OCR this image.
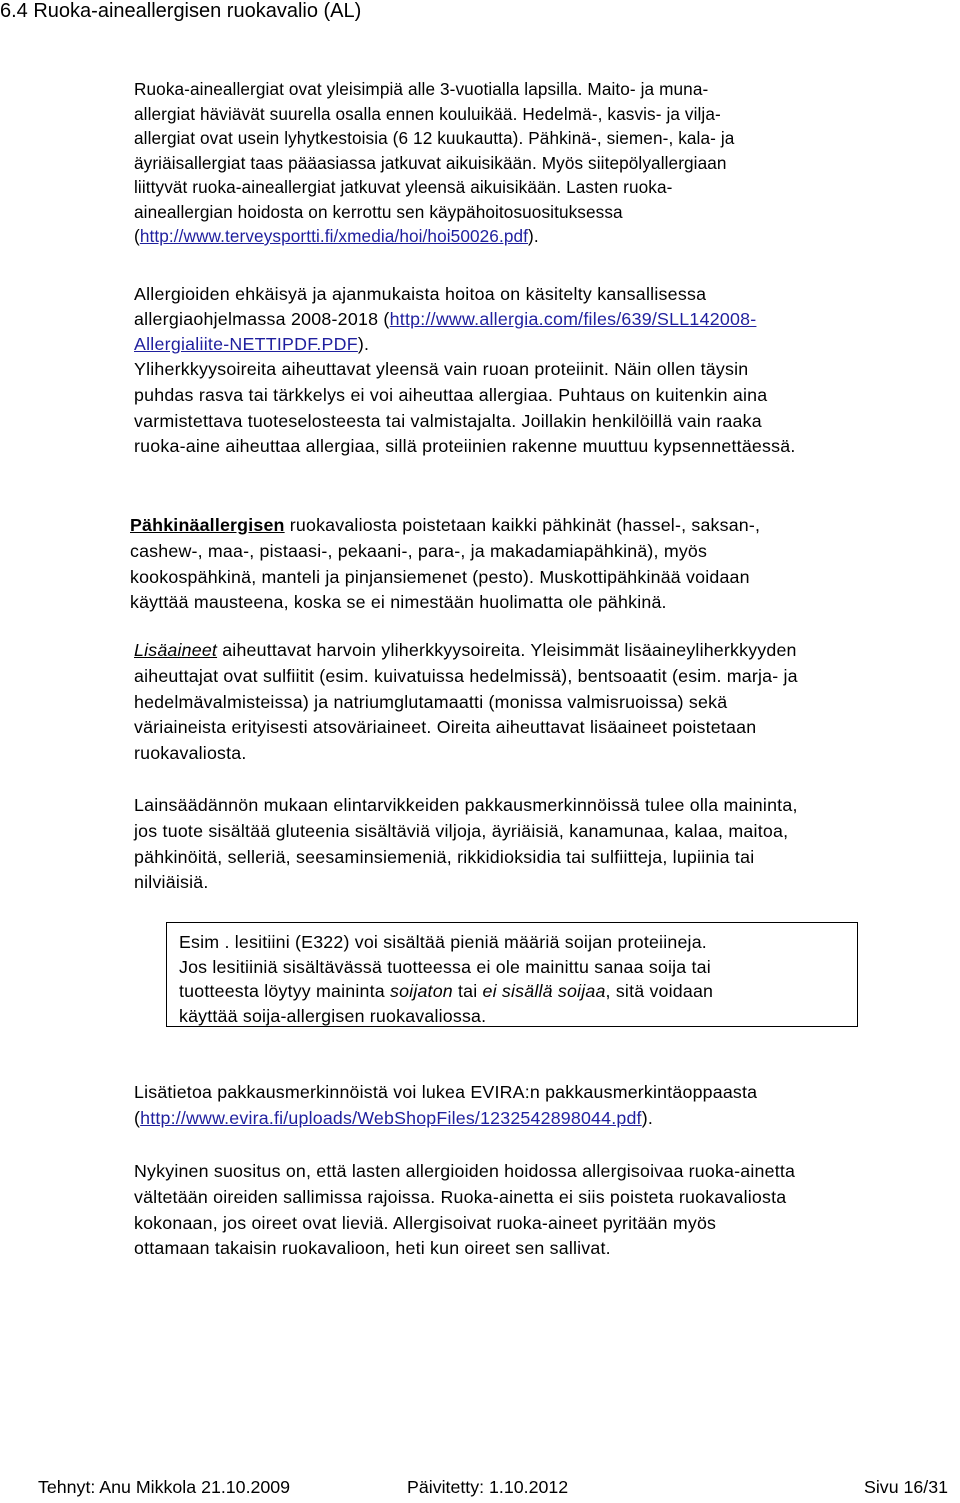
6.4 Ruoka-aineallergisen ruokavalio (AL)
Ruoka-aineallergiat ovat yleisimpiä alle 3-vuotialla lapsilla. Maito- ja muna-
allergiat häviävät suurella osalla ennen kouluikää. Hedelmä-, kasvis- ja vilja-
allergiat ovat usein lyhytkestoisia (6 12 kuukautta). Pähkinä-, siemen-, kala- ja
äyriäisallergiat taas pääasiassa jatkuvat aikuisikään. Myös siitepölyallergiaan
liittyvät ruoka-aineallergiat jatkuvat yleensä aikuisikään. Lasten ruoka-
aineallergian hoidosta on kerrottu sen käypähoitosuosituksessa
(http://www.terveysportti.fi/xmedia/hoi/hoi50026.pdf).
Allergioiden ehkäisyä ja ajanmukaista hoitoa on käsitelty kansallisessa
allergiaohjelmassa 2008-2018 (http://www.allergia.com/files/639/SLL142008-
Allergialiite-NETTIPDF.PDF).
Yliherkkyysoireita aiheuttavat yleensä vain ruoan proteiinit. Näin ollen täysin
puhdas rasva tai tärkkelys ei voi aiheuttaa allergiaa. Puhtaus on kuitenkin aina
varmistettava tuoteselosteesta tai valmistajalta. Joillakin henkilöillä vain raaka
ruoka-aine aiheuttaa allergiaa, sillä proteiinien rakenne muuttuu kypsennettäessä.
Pähkinäallergisen ruokavaliosta poistetaan kaikki pähkinät (hassel-, saksan-,
cashew-, maa-, pistaasi-, pekaani-, para-, ja makadamiapähkinä), myös
kookospähkinä, manteli ja pinjansiemenet (pesto). Muskottipähkinää voidaan
käyttää mausteena, koska se ei nimestään huolimatta ole pähkinä.
Lisäaineet aiheuttavat harvoin yliherkkyysoireita. Yleisimmät lisäaineyliherkkyyden
aiheuttajat ovat sulfiitit (esim. kuivatuissa hedelmissä), bentsoaatit (esim. marja- ja
hedelmävalmisteissa) ja natriumglutamaatti (monissa valmisruoissa) sekä
väriaineista erityisesti atsoväriaineet. Oireita aiheuttavat lisäaineet poistetaan
ruokavaliosta.
Lainsäädännön mukaan elintarvikkeiden pakkausmerkinnöissä tulee olla maininta,
jos tuote sisältää gluteenia sisältäviä viljoja, äyriäisiä, kanamunaa, kalaa, maitoa,
pähkinöitä, selleriä, seesaminsiemeniä, rikkidioksidia tai sulfiitteja, lupiinia tai
nilviäisiä.
Esim . lesitiini (E322) voi sisältää pieniä määriä soijan proteiineja.
Jos lesitiiniä sisältävässä tuotteessa ei ole mainittu sanaa soija tai
tuotteesta löytyy maininta soijaton tai ei sisällä soijaa, sitä voidaan
käyttää soija-allergisen ruokavaliossa.
Lisätietoa pakkausmerkinnöistä voi lukea EVIRA:n pakkausmerkintäoppaasta
(http://www.evira.fi/uploads/WebShopFiles/1232542898044.pdf).
Nykyinen suositus on, että lasten allergioiden hoidossa allergisoivaa ruoka-ainetta
vältetään oireiden sallimissa rajoissa. Ruoka-ainetta ei siis poisteta ruokavaliosta
kokonaan, jos oireet ovat lieviä. Allergisoivat ruoka-aineet pyritään myös
ottamaan takaisin ruokavalioon, heti kun oireet sen sallivat.
Tehnyt: Anu Mikkola 21.10.2009	Päivitetty: 1.10.2012	Sivu 16/31
